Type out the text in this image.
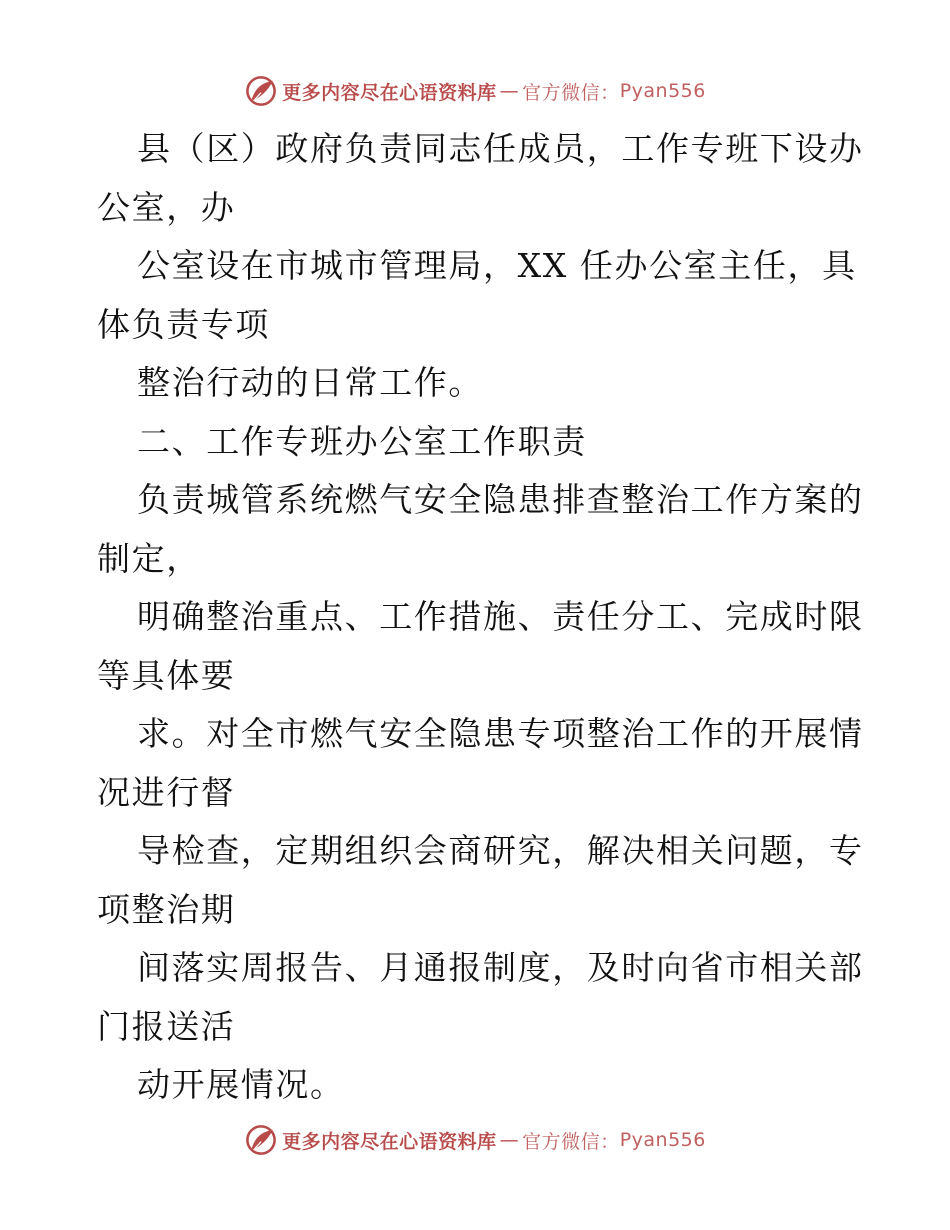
更多内容尽在心语资料库 — 官方微信： Pyan556
县（区）政府负责同志任成员，工作专班下设办
公室，办
公室设在市城市管理局，XX 任办公室主任，具
体负责专项
整治行动的日常工作。
二、工作专班办公室工作职责
负责城管系统燃气安全隐患排查整治工作方案的
制定，
明确整治重点、工作措施、责任分工、完成时限
等具体要
求。对全市燃气安全隐患专项整治工作的开展情
况进行督
导检查，定期组织会商研究，解决相关问题，专
项整治期
间落实周报告、月通报制度，及时向省市相关部
门报送活
动开展情况。
更多内容尽在心语资料库 — 官方微信： Pyan556
